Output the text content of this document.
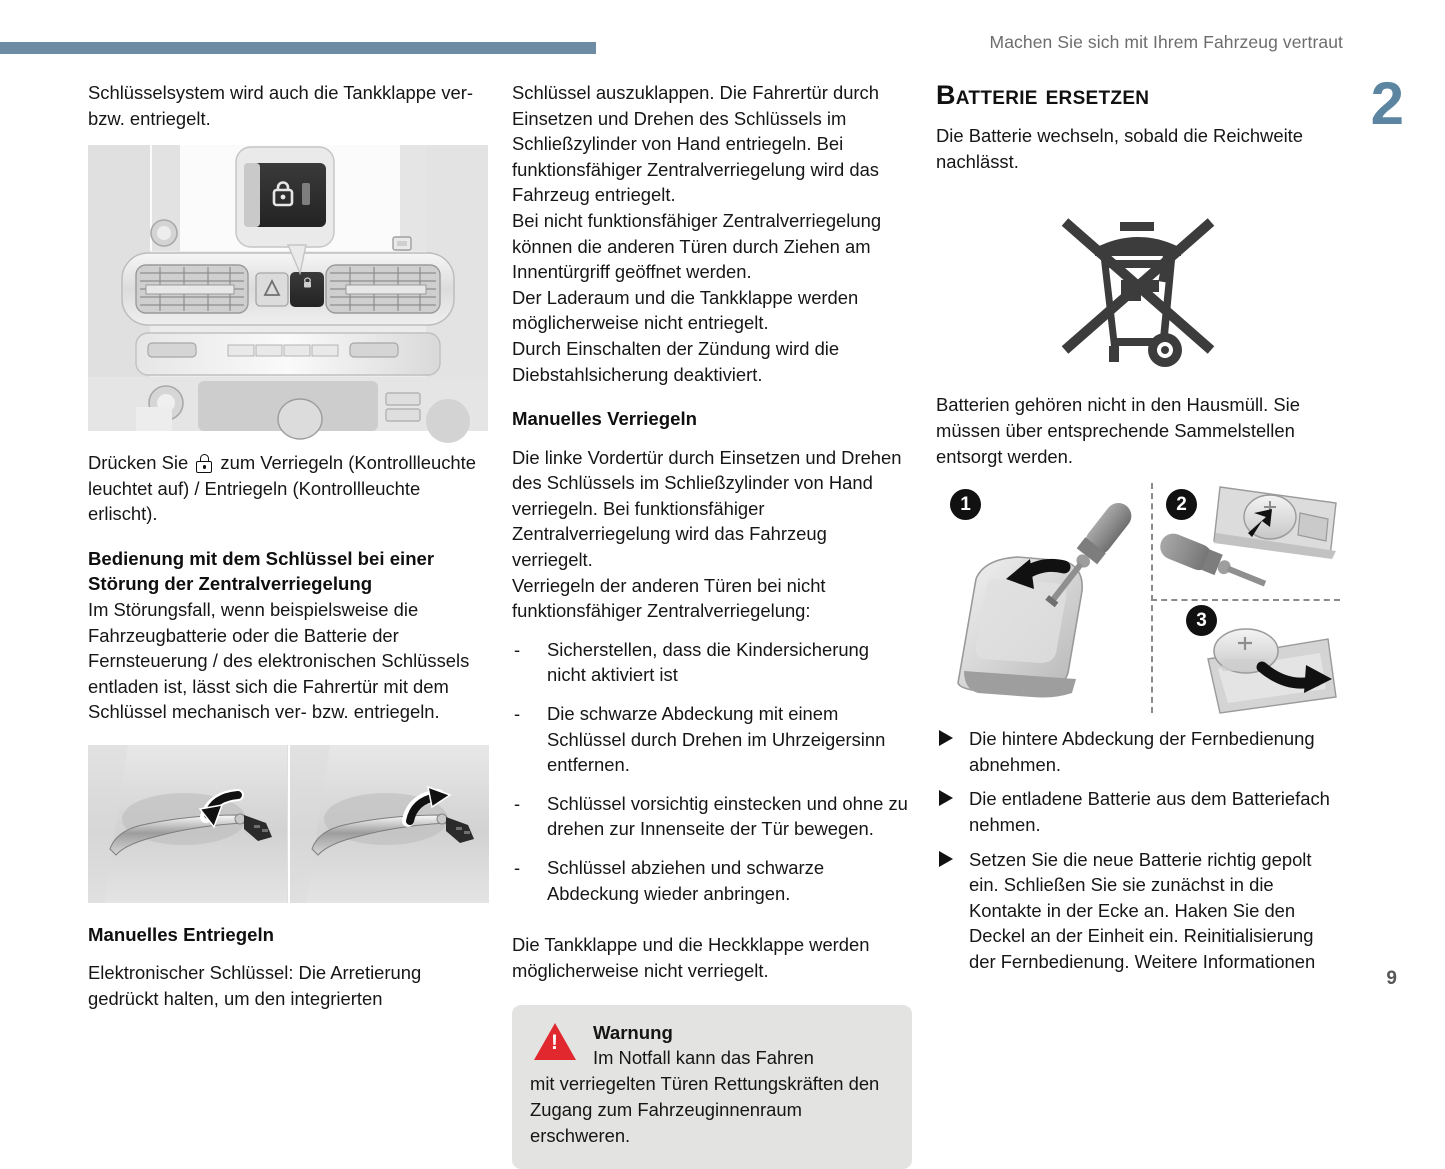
Machen Sie sich mit Ihrem Fahrzeug vertraut
2
9

Schlüsselsystem wird auch die Tankklappe ver- bzw. entriegelt.

Drücken Sie zum Verriegeln (Kontrollleuchte leuchtet auf) / Entriegeln (Kontrollleuchte erlischt).

Bedienung mit dem Schlüssel bei einer Störung der Zentralverriegelung

Im Störungsfall, wenn beispielsweise die Fahrzeugbatterie oder die Batterie der Fernsteuerung / des elektronischen Schlüssels entladen ist, lässt sich die Fahrertür mit dem Schlüssel mechanisch ver- bzw. entriegeln.

Manuelles Entriegeln

Elektronischer Schlüssel: Die Arretierung gedrückt halten, um den integrierten

Schlüssel auszuklappen. Die Fahrertür durch Einsetzen und Drehen des Schlüssels im Schließzylinder von Hand entriegeln. Bei funktionsfähiger Zentralverriegelung wird das Fahrzeug entriegelt.

Bei nicht funktionsfähiger Zentralverriegelung können die anderen Türen durch Ziehen am Innentürgriff geöffnet werden.

Der Laderaum und die Tankklappe werden möglicherweise nicht entriegelt.

Durch Einschalten der Zündung wird die Diebstahlsicherung deaktiviert.

Manuelles Verriegeln

Die linke Vordertür durch Einsetzen und Drehen des Schlüssels im Schließzylinder von Hand verriegeln. Bei funktionsfähiger Zentralverriegelung wird das Fahrzeug verriegelt.

Verriegeln der anderen Türen bei nicht funktionsfähiger Zentralverriegelung:

- Sicherstellen, dass die Kindersicherung nicht aktiviert ist
- Die schwarze Abdeckung mit einem Schlüssel durch Drehen im Uhrzeigersinn entfernen.
- Schlüssel vorsichtig einstecken und ohne zu drehen zur Innenseite der Tür bewegen.
- Schlüssel abziehen und schwarze Abdeckung wieder anbringen.

Die Tankklappe und die Heckklappe werden möglicherweise nicht verriegelt.

!
Warnung
Im Notfall kann das Fahren
mit verriegelten Türen Rettungskräften den Zugang zum Fahrzeuginnenraum erschweren.
Batterie ersetzen

Die Batterie wechseln, sobald die Reichweite nachlässt.

Batterien gehören nicht in den Hausmüll. Sie müssen über entsprechende Sammelstellen entsorgt werden.

1	2
3
Die hintere Abdeckung der Fernbedienung abnehmen.
Die entladene Batterie aus dem Batteriefach nehmen.
Setzen Sie die neue Batterie richtig gepolt ein. Schließen Sie sie zunächst in die Kontakte in der Ecke an. Haken Sie den Deckel an der Einheit ein. Reinitialisierung der Fernbedienung. Weitere Informationen
